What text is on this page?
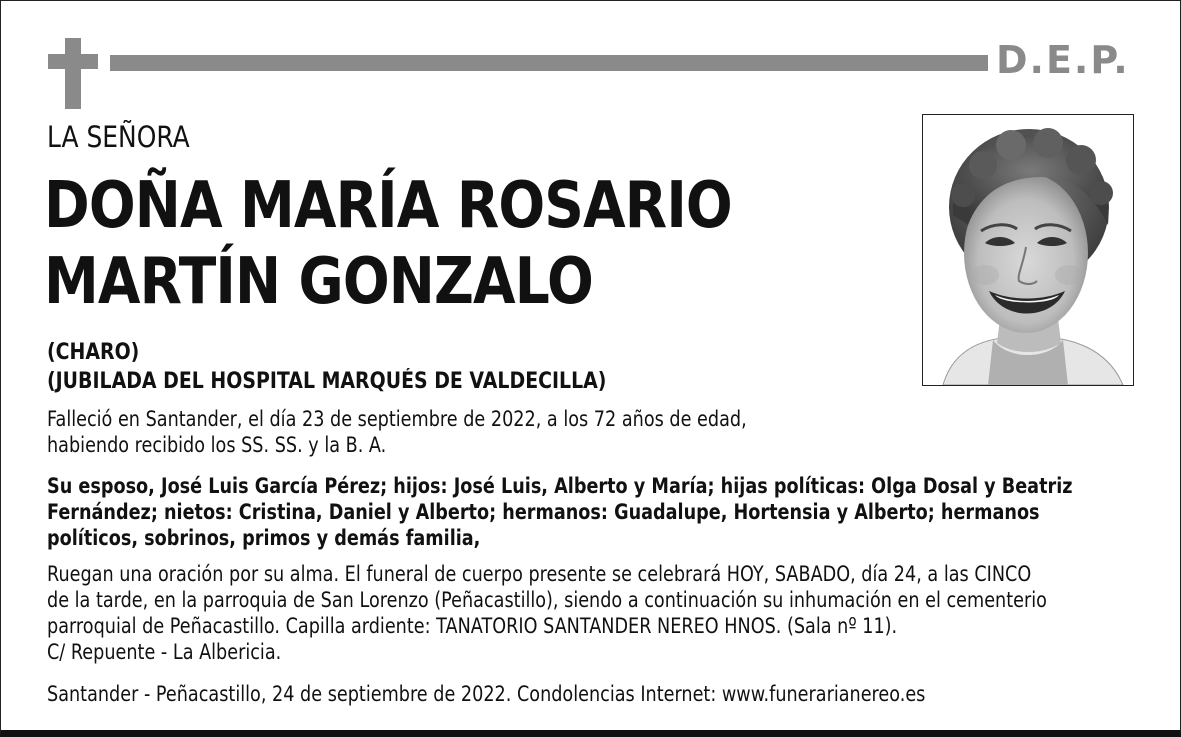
D.E.P.
LA SEÑORA
DOÑA MARÍA ROSARIO
MARTÍN GONZALO
(CHARO)
(JUBILADA DEL HOSPITAL MARQUÉS DE VALDECILLA)
Falleció en Santander, el día 23 de septiembre de 2022, a los 72 años de edad,
habiendo recibido los SS. SS. y la B. A.
Su esposo, José Luis García Pérez; hijos: José Luis, Alberto y María; hijas políticas: Olga Dosal y Beatriz
Fernández; nietos: Cristina, Daniel y Alberto; hermanos: Guadalupe, Hortensia y Alberto; hermanos
políticos, sobrinos, primos y demás familia,
Ruegan una oración por su alma. El funeral de cuerpo presente se celebrará HOY, SABADO, día 24, a las CINCO
de la tarde, en la parroquia de San Lorenzo (Peñacastillo), siendo a continuación su inhumación en el cementerio
parroquial de Peñacastillo. Capilla ardiente: TANATORIO SANTANDER NEREO HNOS. (Sala nº 11).
C/ Repuente - La Albericia.
Santander - Peñacastillo, 24 de septiembre de 2022. Condolencias Internet: www.funerarianereo.es
